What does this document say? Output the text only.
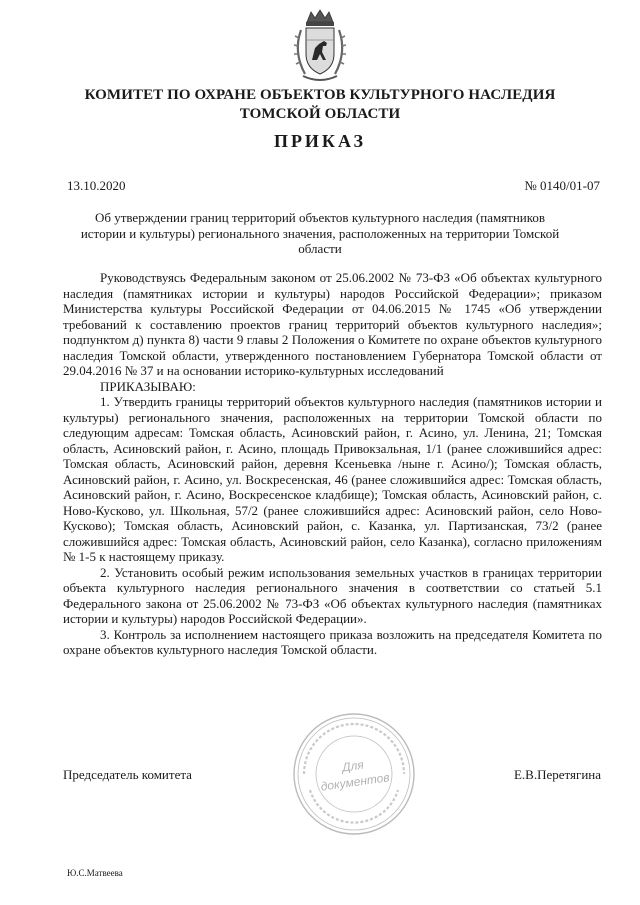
КОМИТЕТ ПО ОХРАНЕ ОБЪЕКТОВ КУЛЬТУРНОГО НАСЛЕДИЯ
ТОМСКОЙ ОБЛАСТИ
ПРИКАЗ
13.10.2020	№ 0140/01-07
Об утверждении границ территорий объектов культурного наследия (памятников истории и культуры) регионального значения, расположенных на территории Томской области

Руководствуясь Федеральным законом от 25.06.2002 № 73-ФЗ «Об объектах культурного наследия (памятниках истории и культуры) народов Российской Федерации»; приказом Министерства культуры Российской Федерации от 04.06.2015 № 1745 «Об утверждении требований к составлению проектов границ территорий объектов культурного наследия»; подпунктом д) пункта 8) части 9 главы 2 Положения о Комитете по охране объектов культурного наследия Томской области, утвержденного постановлением Губернатора Томской области от 29.04.2016 № 37 и на основании историко-культурных исследований

ПРИКАЗЫВАЮ:

1. Утвердить границы территорий объектов культурного наследия (памятников истории и культуры) регионального значения, расположенных на территории Томской области по следующим адресам: Томская область, Асиновский район, г. Асино, ул. Ленина, 21; Томская область, Асиновский район, г. Асино, площадь Привокзальная, 1/1 (ранее сложившийся адрес: Томская область, Асиновский район, деревня Ксеньевка /ныне г. Асино/); Томская область, Асиновский район, г. Асино, ул. Воскресенская, 46 (ранее сложившийся адрес: Томская область, Асиновский район, г. Асино, Воскресенское кладбище); Томская область, Асиновский район, с. Ново-Кусково, ул. Школьная, 57/2 (ранее сложившийся адрес: Асиновский район, село Ново-Кусково); Томская область, Асиновский район, с. Казанка, ул. Партизанская, 73/2 (ранее сложившийся адрес: Томская область, Асиновский район, село Казанка), согласно приложениям № 1-5 к настоящему приказу.

2. Установить особый режим использования земельных участков в границах территории объекта культурного наследия регионального значения в соответствии со статьей 5.1 Федерального закона от 25.06.2002 № 73-ФЗ «Об объектах культурного наследия (памятниках истории и культуры) народов Российской Федерации».

3. Контроль за исполнением настоящего приказа возложить на председателя Комитета по охране объектов культурного наследия Томской области.

Для
документов
Председатель комитета	Е.В.Перетягина
Ю.С.Матвеева
